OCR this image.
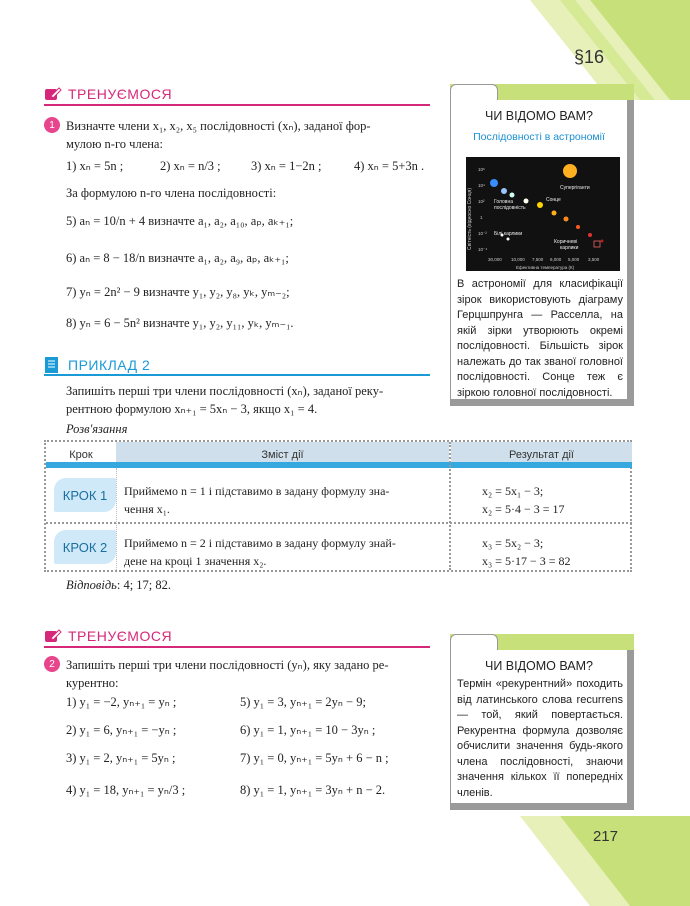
§16
217
ТРЕНУЄМОСЯ
1 Визначте члени x₁, x₂, x₅ послідовності (xₙ), заданої фор-
мулою n-го члена:
1) xₙ = 5n ;	2) xₙ = n/3 ; 3) xₙ = 1−2n ;	4) xₙ = 5+3n .
За формулою n-го члена послідовності:
5) aₙ = 10/n + 4 визначте a₁, a₂, a₁₀, aₚ, aₖ₊₁;
6) aₙ = 8 − 18/n визначте a₁, a₂, a₉, aₚ, aₖ₊₁;
7) yₙ = 2n² − 9 визначте y₁, y₂, y₈, yₖ, yₘ₋₂;
8) yₙ = 6 − 5n² визначте y₁, y₂, y₁₁, yₖ, yₘ₋₁.
ПРИКЛАД 2
Запишіть перші три члени послідовності (xₙ), заданої реку-
рентною формулою xₙ₊₁ = 5xₙ − 3, якщо x₁ = 4.
Розв'язання
Крок	Зміст дії	Результат дії
КРОК 1	Приймемо n = 1 і підставимо в задану формулу зна-
чення x₁.
x₂ = 5x₁ − 3;
x₂ = 5·4 − 3 = 17
КРОК 2	Приймемо n = 2 і підставимо в задану формулу знай-
дене на кроці 1 значення x₂.
x₃ = 5x₂ − 3;
x₃ = 5·17 − 3 = 82
Відповідь: 4; 17; 82.
ТРЕНУЄМОСЯ
2 Запишіть перші три члени послідовності (yₙ), яку задано ре-
курентно:
1) y₁ = −2, yₙ₊₁ = yₙ ;
2) y₁ = 6, yₙ₊₁ = −yₙ ;
3) y₁ = 2, yₙ₊₁ = 5yₙ ;
4) y₁ = 18, yₙ₊₁ = yₙ/3 ;
5) y₁ = 3, yₙ₊₁ = 2yₙ − 9;
6) y₁ = 1, yₙ₊₁ = 10 − 3yₙ ;
7) y₁ = 0, yₙ₊₁ = 5yₙ + 6 − n ;
8) y₁ = 1, yₙ₊₁ = 3yₙ + n − 2.
ЧИ ВІДОМО ВАМ?
Послідовності в астрономії
Світність (відносно Сонця)
10⁶
10⁴
10²
1
10⁻²
10⁻⁴
30,000 10,000 7,500 6,000 5,000 3,500
Ефективна температура (К)
Супергіганти
Сонце
Головна
послідовність
Білі карлики
Коричневі
карлики
В астрономії для класифікації зірок використовують діаграму Герцшпрунга — Расселла, на якій зірки утворюють окремі послідовності. Більшість зірок належать до так званої головної послідовності. Сонце теж є зіркою головної послідовності.
ЧИ ВІДОМО ВАМ?
Термін «рекурентний» походить від латинського слова recurrens — той, який повертається. Рекурентна формула дозволяє обчислити значення будь-якого члена послідовності, знаючи значення кількох її попередніх членів.
